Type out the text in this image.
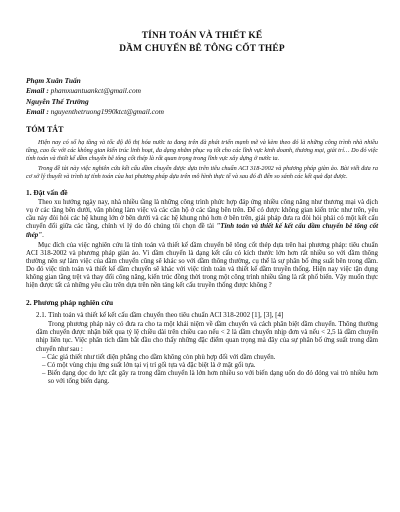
TÍNH TOÁN VÀ THIẾT KẾ
DẦM CHUYỂN BÊ TÔNG CỐT THÉP
Phạm Xuân Tuấn
Email : phamxuantuankct@gmail.com
Nguyễn Thế Trường
Email : nguyenthetruong1990ktct@gmail.com
TÓM TẮT
Hiện nay có số hạ tầng và tốc độ đô thị hóa nước ta đang trên đà phát triển mạnh mẽ và kèm theo đó là những công trình nhà nhiều tầng, cao ốc với các không gian kiến trúc linh hoạt, đa dạng nhằm phục vụ tốt cho các lĩnh vực kinh doanh, thương mại, giải trí… Do đó việc tính toán và thiết kế dầm chuyển bê tông cốt thép là rất quan trọng trong lĩnh vực xây dựng ở nước ta.
Trong đề tài này việc nghiên cứu kết cấu dầm chuyển được dựa trên tiêu chuẩn ACI 318-2002 và phương pháp giàn ảo. Bài viết đưa ra cơ sở lý thuyết và trình tự tính toán của hai phương pháp dựa trên mô hình thực tế và sau đó đi đến so sánh các kết quả đạt được.
1. Đặt vấn đề
Theo xu hướng ngày nay, nhà nhiều tầng là những công trình phức hợp đáp ứng nhiều công năng như thương mại và dịch vụ ở các tầng bên dưới, văn phòng làm việc và các căn hộ ở các tầng bên trên. Để có được không gian kiến trúc như trên, yêu cầu này đòi hỏi các hệ khung lớn ở bên dưới và các hệ khung nhỏ hơn ở bên trên, giải pháp đưa ra đòi hỏi phải có một kết cấu chuyển đổi giữa các tầng, chính vì lý do đó chúng tôi chọn đề tài "Tính toán và thiết kế kết cấu dầm chuyển bê tông cốt thép".
Mục đích của việc nghiên cứu là tính toán và thiết kế dầm chuyển bê tông cốt thép dựa trên hai phương pháp: tiêu chuẩn ACI 318-2002 và phương pháp giàn ảo. Vì dầm chuyển là dạng kết cấu có kích thước lớn hơn rất nhiều so với dầm thông thường nên sự làm việc của dầm chuyển cũng sẽ khác so với dầm thông thường, cụ thể là sự phân bố ứng suất bên trong dầm. Do đó việc tính toán và thiết kế dầm chuyển sẽ khác với việc tính toán và thiết kế dầm truyền thống. Hiện nay việc tận dụng không gian tầng trệt và thay đổi công năng, kiến trúc đồng thời trong một công trình nhiều tầng là rất phổ biến. Vậy muốn thực hiện được tất cả những yêu cầu trên dựa trên nền tảng kết cấu truyền thống được không ?
2. Phương pháp nghiên cứu
2.1. Tính toán và thiết kế kết cấu dầm chuyển theo tiêu chuẩn ACI 318-2002 [1], [3], [4]
Trong phương pháp này có đưa ra cho ta một khái niệm về dầm chuyển và cách phân biệt dầm chuyển. Thông thường dầm chuyển được nhận biết qua tỷ lệ chiều dài trên chiều cao nếu < 2 là dầm chuyển nhịp đơn và nếu < 2,5 là dầm chuyển nhịp liên tục. Việc phân tích dầm bắt đầu cho thấy những đặc điểm quan trọng mà đây của sự phân bố ứng suất trong dầm chuyển như sau :
– Các giả thiết như tiết diện phẳng cho dầm không còn phù hợp đối với dầm chuyển.
– Có một vùng chịu ứng suất lớn tại vị trí gối tựa và đặc biệt là ở mặt gối tựa.
– Biến dạng dọc do lực cắt gây ra trong dầm chuyển là lớn hơn nhiều so với biến dạng uốn do đó đóng vai trò nhiều hơn so với tổng biến dạng.
